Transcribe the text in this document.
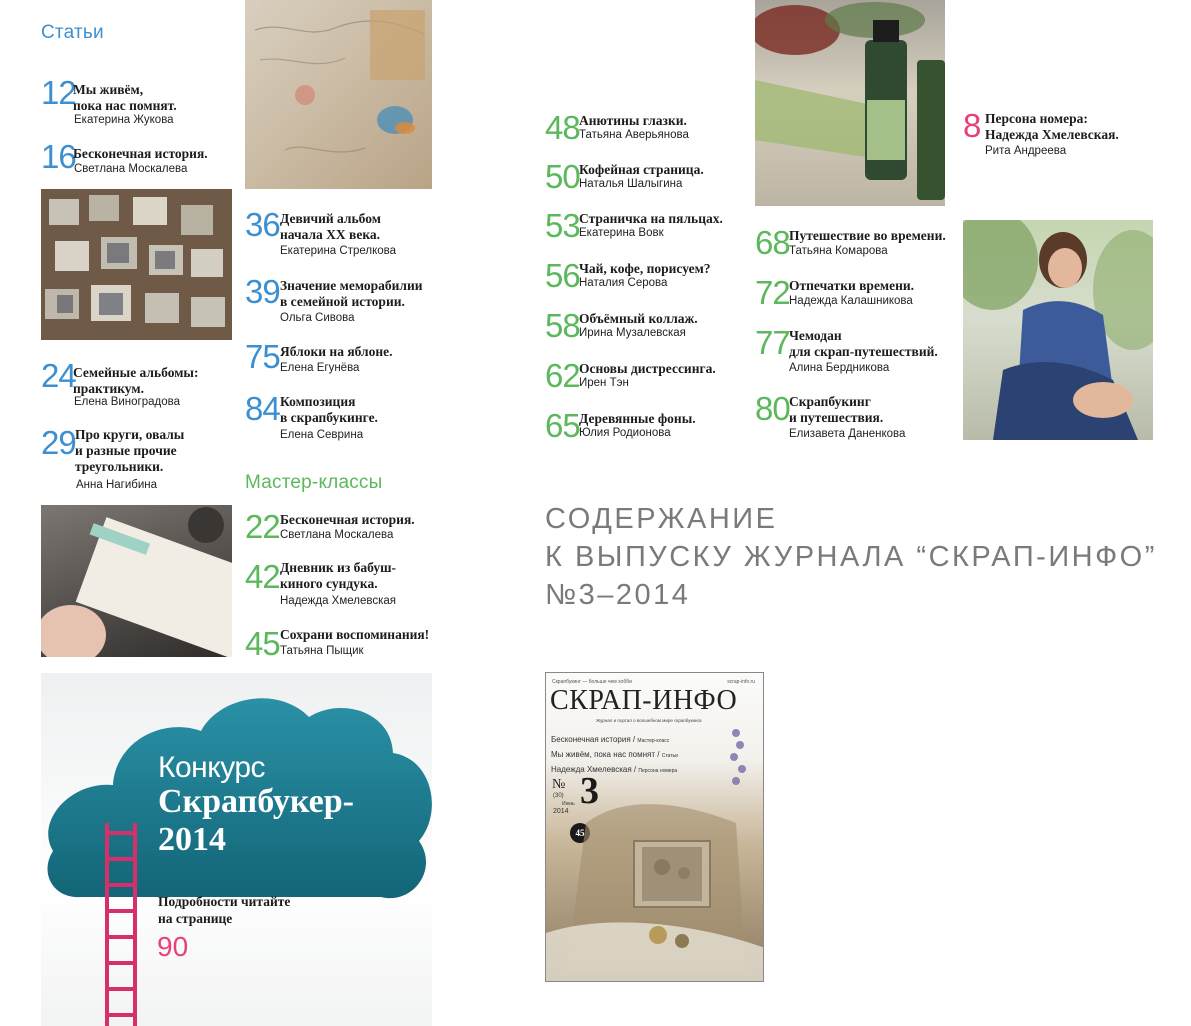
Статьи
Мастер-классы
12
Мы живём,
пока нас помнят.
Екатерина Жукова
16
Бесконечная история.
Светлана Москалева
24
Семейные альбомы:
практикум.
Елена Виноградова
29 Про круги, овалы
и разные прочие
треугольники.
Анна Нагибина
36 Девичий альбом
начала XX века.
Екатерина Стрелкова
39 Значение меморабилии
в семейной истории.
Ольга Сивова
75 Яблоки на яблоне.
Елена Егунёва
84 Композиция
в скрапбукинге.
Елена Севрина
22 Бесконечная история.
Светлана Москалева
42 Дневник из бабуш-
киного сундука.
Надежда Хмелевская
45 Сохрани воспоминания!
Татьяна Пыщик
48 Анютины глазки.
Татьяна Аверьянова
50 Кофейная страница.
Наталья Шалыгина
53 Страничка на пяльцах.
Екатерина Вовк
56 Чай, кофе, порисуем?
Наталия Серова
58 Объёмный коллаж.
Ирина Музалевская
62 Основы дистрессинга.
Ирен Тэн
65 Деревянные фоны.
Юлия Родионова
68 Путешествие во времени.
Татьяна Комарова
72 Отпечатки времени.
Надежда Калашникова
77 Чемодан
для скрап-путешествий.
Алина Бердникова
80 Скрапбукинг
и путешествия.
Елизавета Даненкова
8 Персона номера:
Надежда Хмелевская.
Рита Андреева
СОДЕРЖАНИЕ
К ВЫПУСКУ ЖУРНАЛА “СКРАП-ИНФО”
№3–2014
Конкурс
Скрапбукер-
2014
Подробности читайте
на странице
90
Скрапбукинг — больше чем хобби	scrap-info.ru
СКРАП-ИНФО
Журнал и портал о волшебном мире скрапбукинга
Бесконечная история / Мастер-класс
Мы живём, пока нас помнят / Статьи
Надежда Хмелевская / Персона номера
№
(30)
Июнь
2014 3
45
